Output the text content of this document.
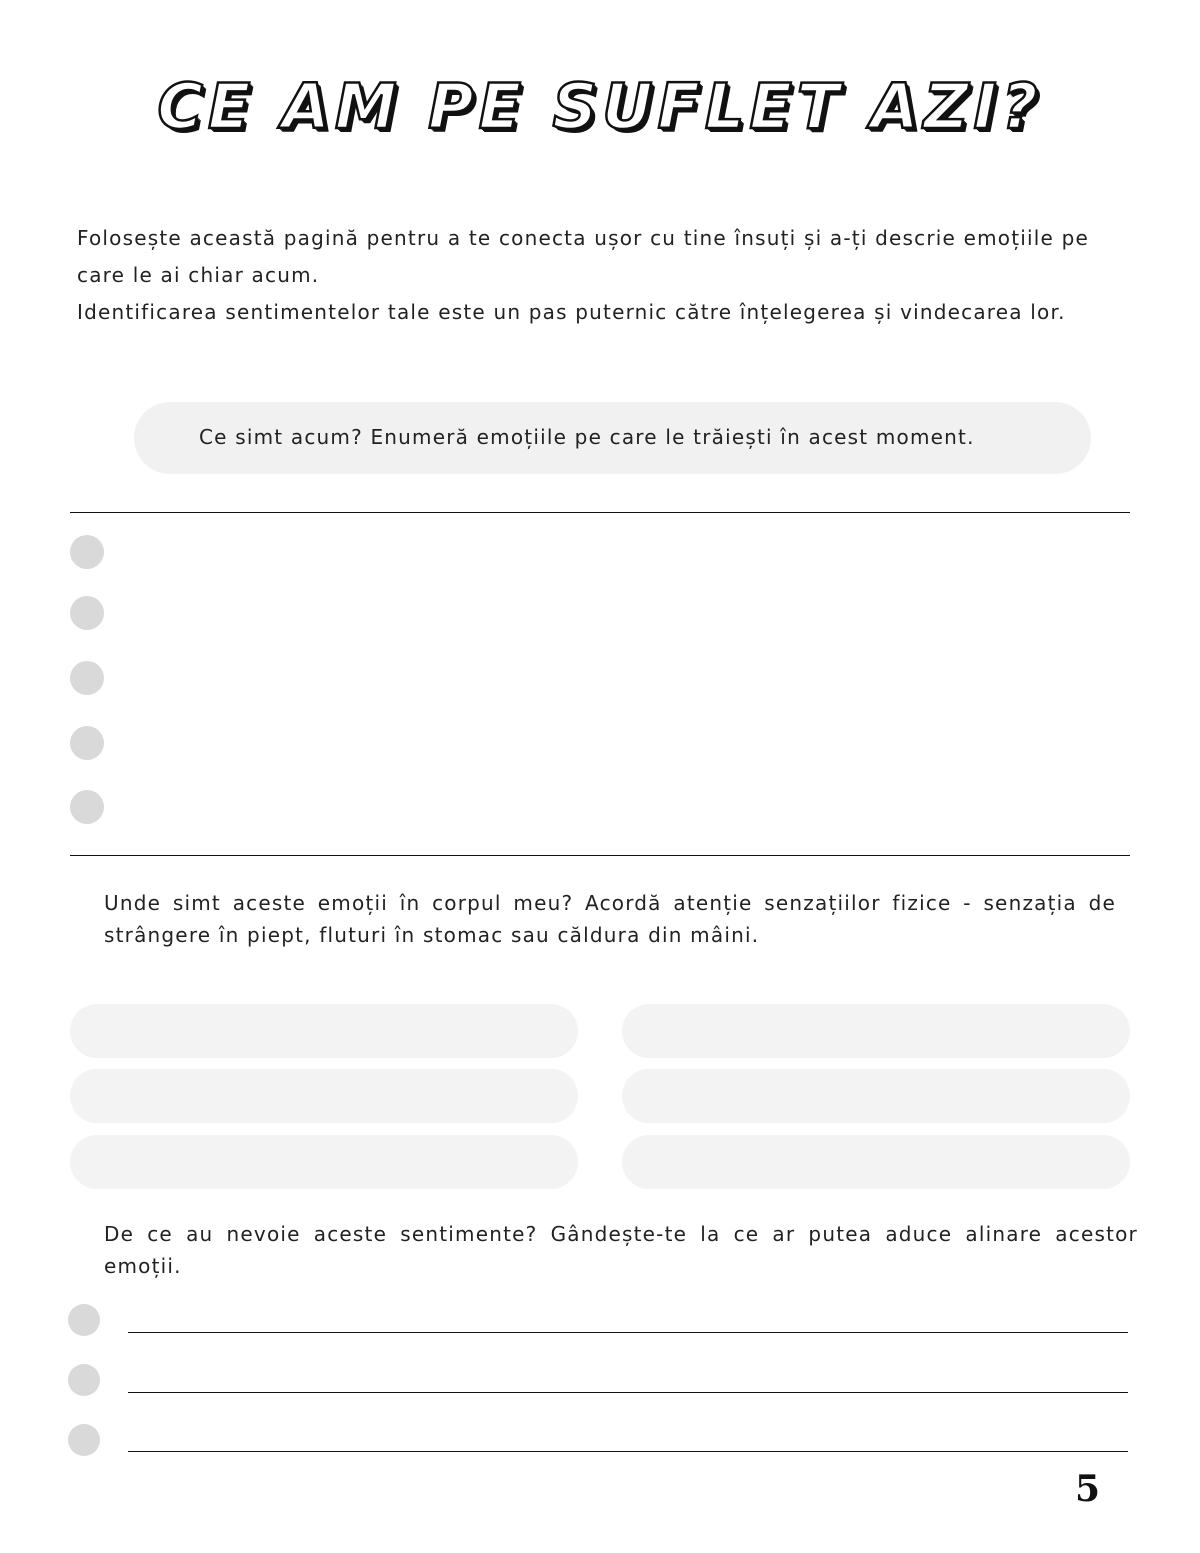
CE AM PE SUFLET AZI?

Folosește această pagină pentru a te conecta ușor cu tine însuți și a-ți descrie emoțiile pe care le ai chiar acum.

Identificarea sentimentelor tale este un pas puternic către înțelegerea și vindecarea lor.

Ce simt acum? Enumeră emoțiile pe care le trăiești în acest moment.
Unde simt aceste emoții în corpul meu? Acordă atenție senzațiilor fizice - senzația de strângere în piept, fluturi în stomac sau căldura din mâini.
De ce au nevoie aceste sentimente? Gândește-te la ce ar putea aduce alinare acestor emoții.
5
